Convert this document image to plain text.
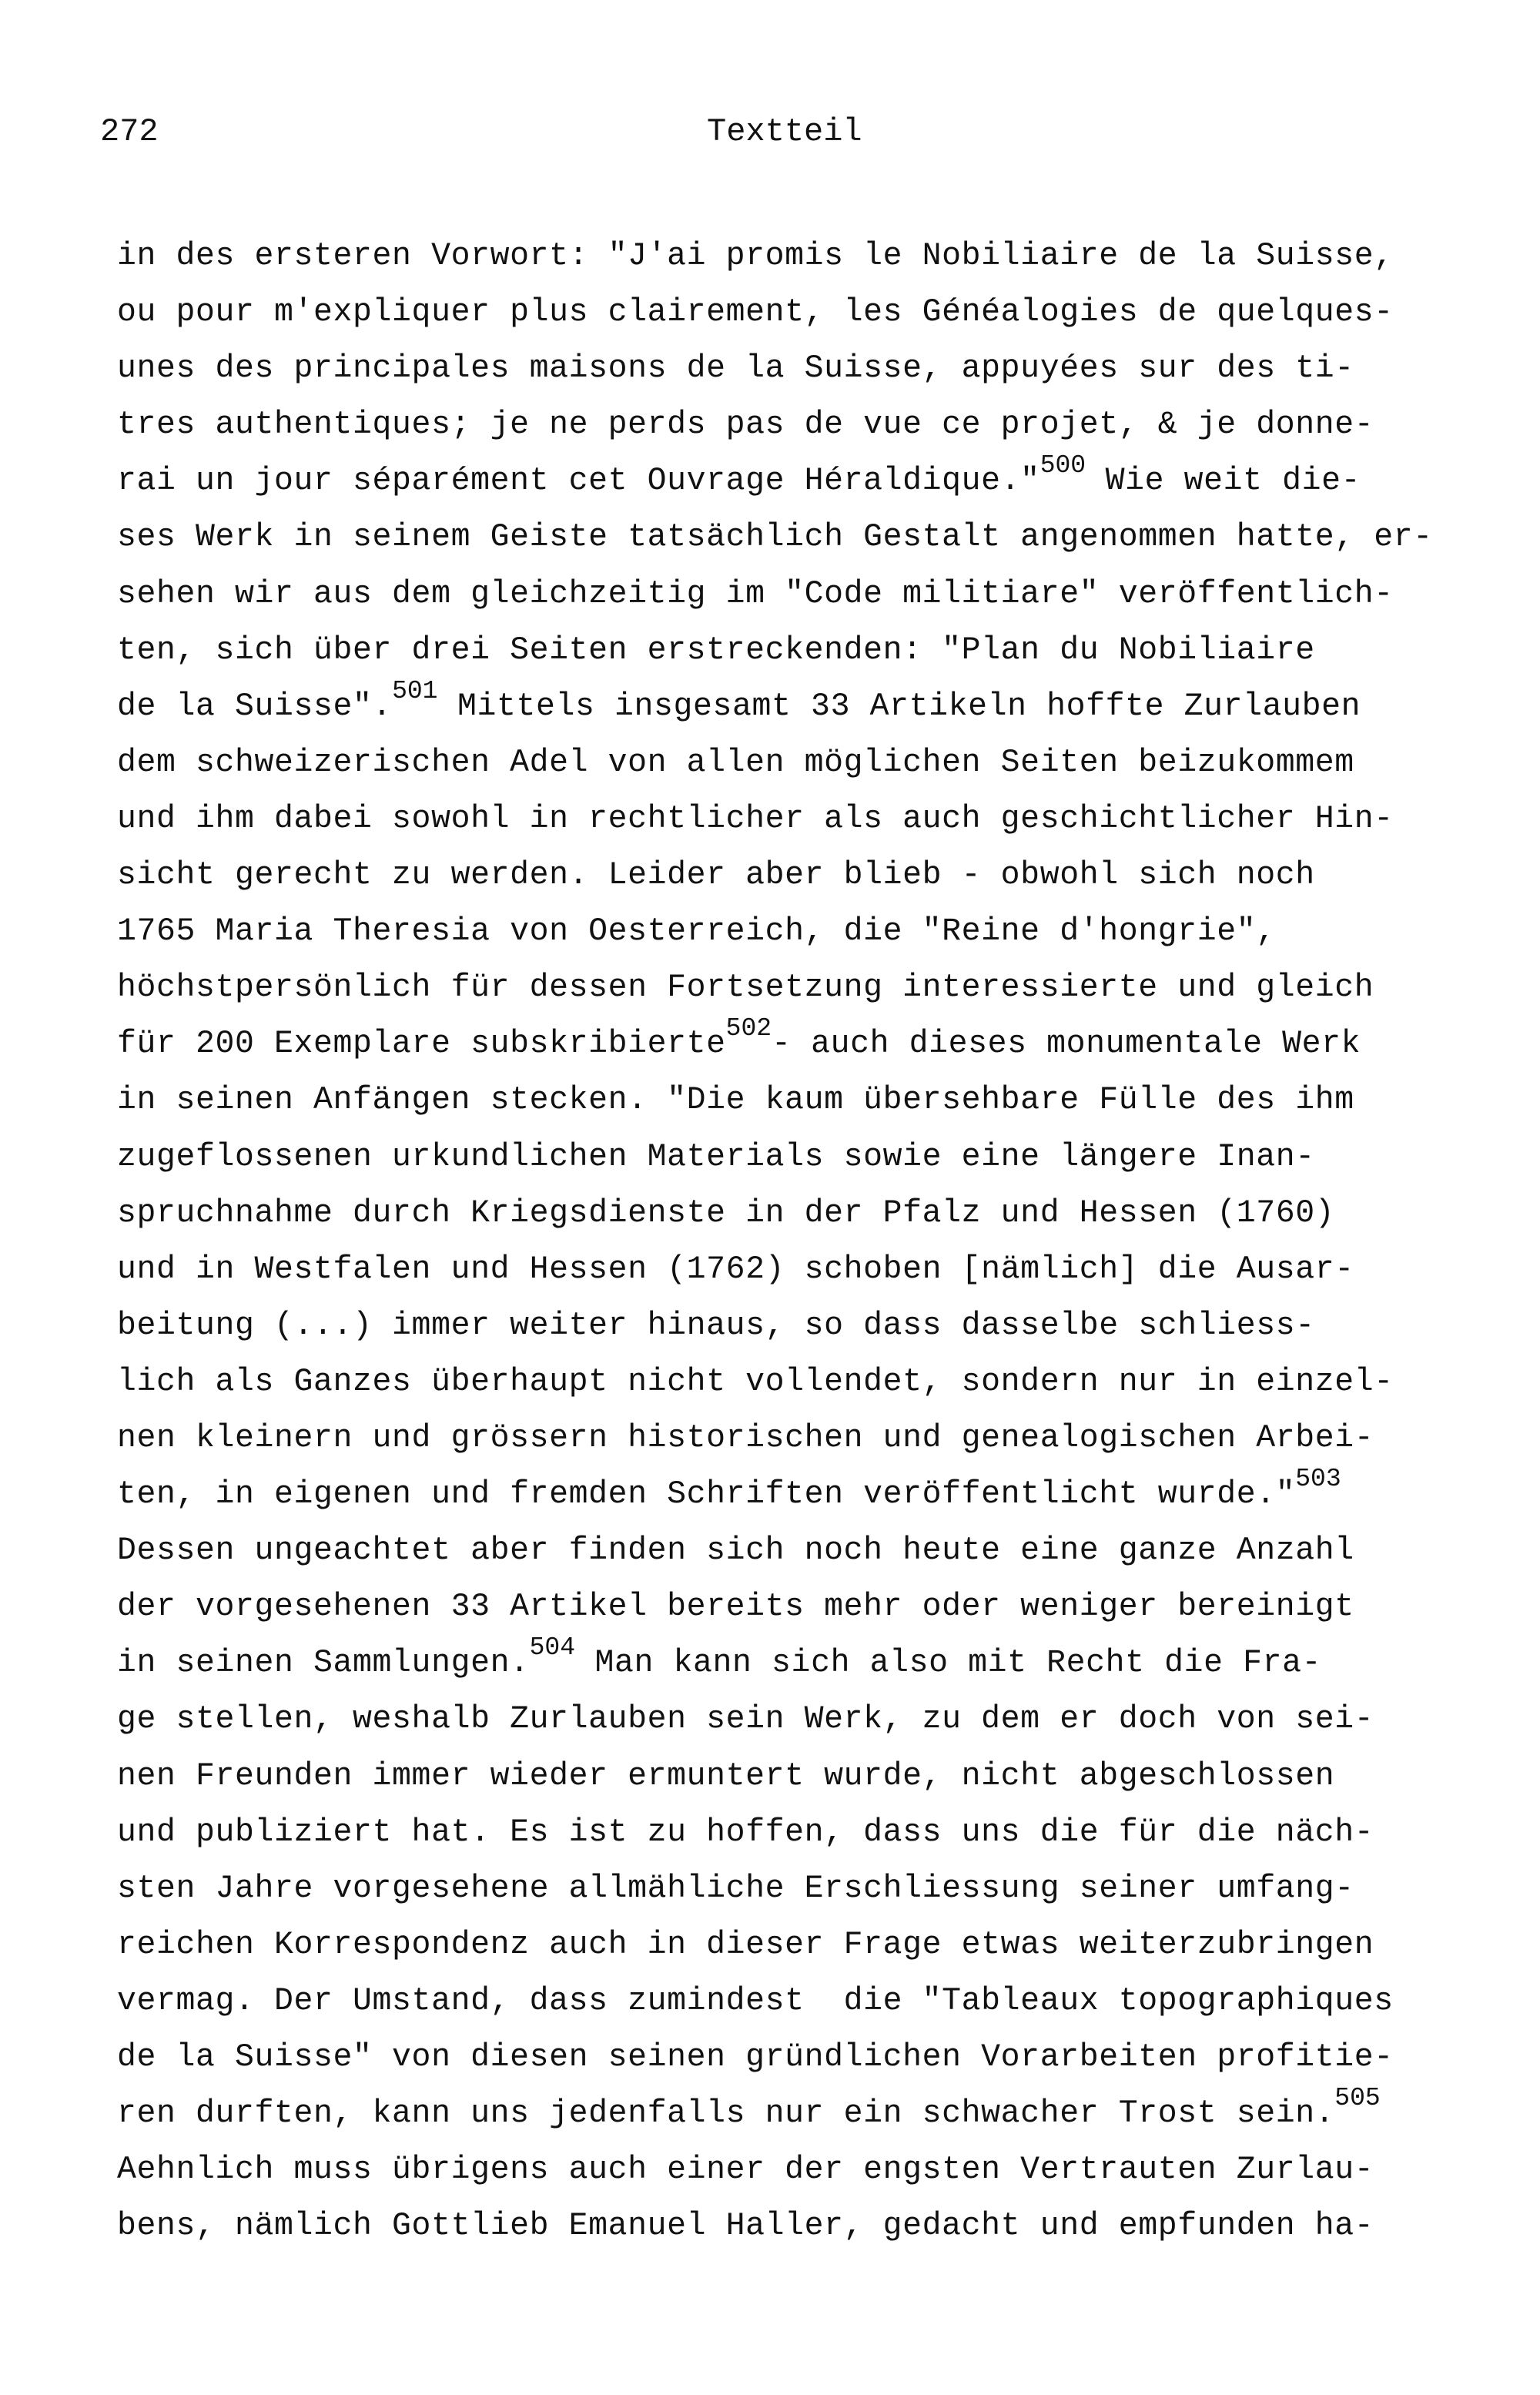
272	Textteil
in des ersteren Vorwort: "J'ai promis le Nobiliaire de la Suisse,
ou pour m'expliquer plus clairement, les Généalogies de quelques-
unes des principales maisons de la Suisse, appuyées sur des ti-
tres authentiques; je ne perds pas de vue ce projet, & je donne-
rai un jour séparément cet Ouvrage Héraldique."$^{500}$ Wie weit die-
ses Werk in seinem Geiste tatsächlich Gestalt angenommen hatte, er-
sehen wir aus dem gleichzeitig im "Code militiare" veröffentlich-
ten, sich über drei Seiten erstreckenden: "Plan du Nobiliaire
de la Suisse".$^{501}$ Mittels insgesamt 33 Artikeln hoffte Zurlauben
dem schweizerischen Adel von allen möglichen Seiten beizukommem
und ihm dabei sowohl in rechtlicher als auch geschichtlicher Hin-
sicht gerecht zu werden. Leider aber blieb - obwohl sich noch
1765 Maria Theresia von Oesterreich, die "Reine d'hongrie",
höchstpersönlich für dessen Fortsetzung interessierte und gleich
für 200 Exemplare subskribierte$^{502}$- auch dieses monumentale Werk
in seinen Anfängen stecken. "Die kaum übersehbare Fülle des ihm
zugeflossenen urkundlichen Materials sowie eine längere Inan-
spruchnahme durch Kriegsdienste in der Pfalz und Hessen (1760)
und in Westfalen und Hessen (1762) schoben [nämlich] die Ausar-
beitung (...) immer weiter hinaus, so dass dasselbe schliess-
lich als Ganzes überhaupt nicht vollendet, sondern nur in einzel-
nen kleinern und grössern historischen und genealogischen Arbei-
ten, in eigenen und fremden Schriften veröffentlicht wurde."$^{503}$
Dessen ungeachtet aber finden sich noch heute eine ganze Anzahl
der vorgesehenen 33 Artikel bereits mehr oder weniger bereinigt
in seinen Sammlungen.$^{504}$ Man kann sich also mit Recht die Fra-
ge stellen, weshalb Zurlauben sein Werk, zu dem er doch von sei-
nen Freunden immer wieder ermuntert wurde, nicht abgeschlossen
und publiziert hat. Es ist zu hoffen, dass uns die für die näch-
sten Jahre vorgesehene allmähliche Erschliessung seiner umfang-
reichen Korrespondenz auch in dieser Frage etwas weiterzubringen
vermag. Der Umstand, dass zumindest  die "Tableaux topographiques
de la Suisse" von diesen seinen gründlichen Vorarbeiten profitie-
ren durften, kann uns jedenfalls nur ein schwacher Trost sein.$^{505}$
Aehnlich muss übrigens auch einer der engsten Vertrauten Zurlau-
bens, nämlich Gottlieb Emanuel Haller, gedacht und empfunden ha-
